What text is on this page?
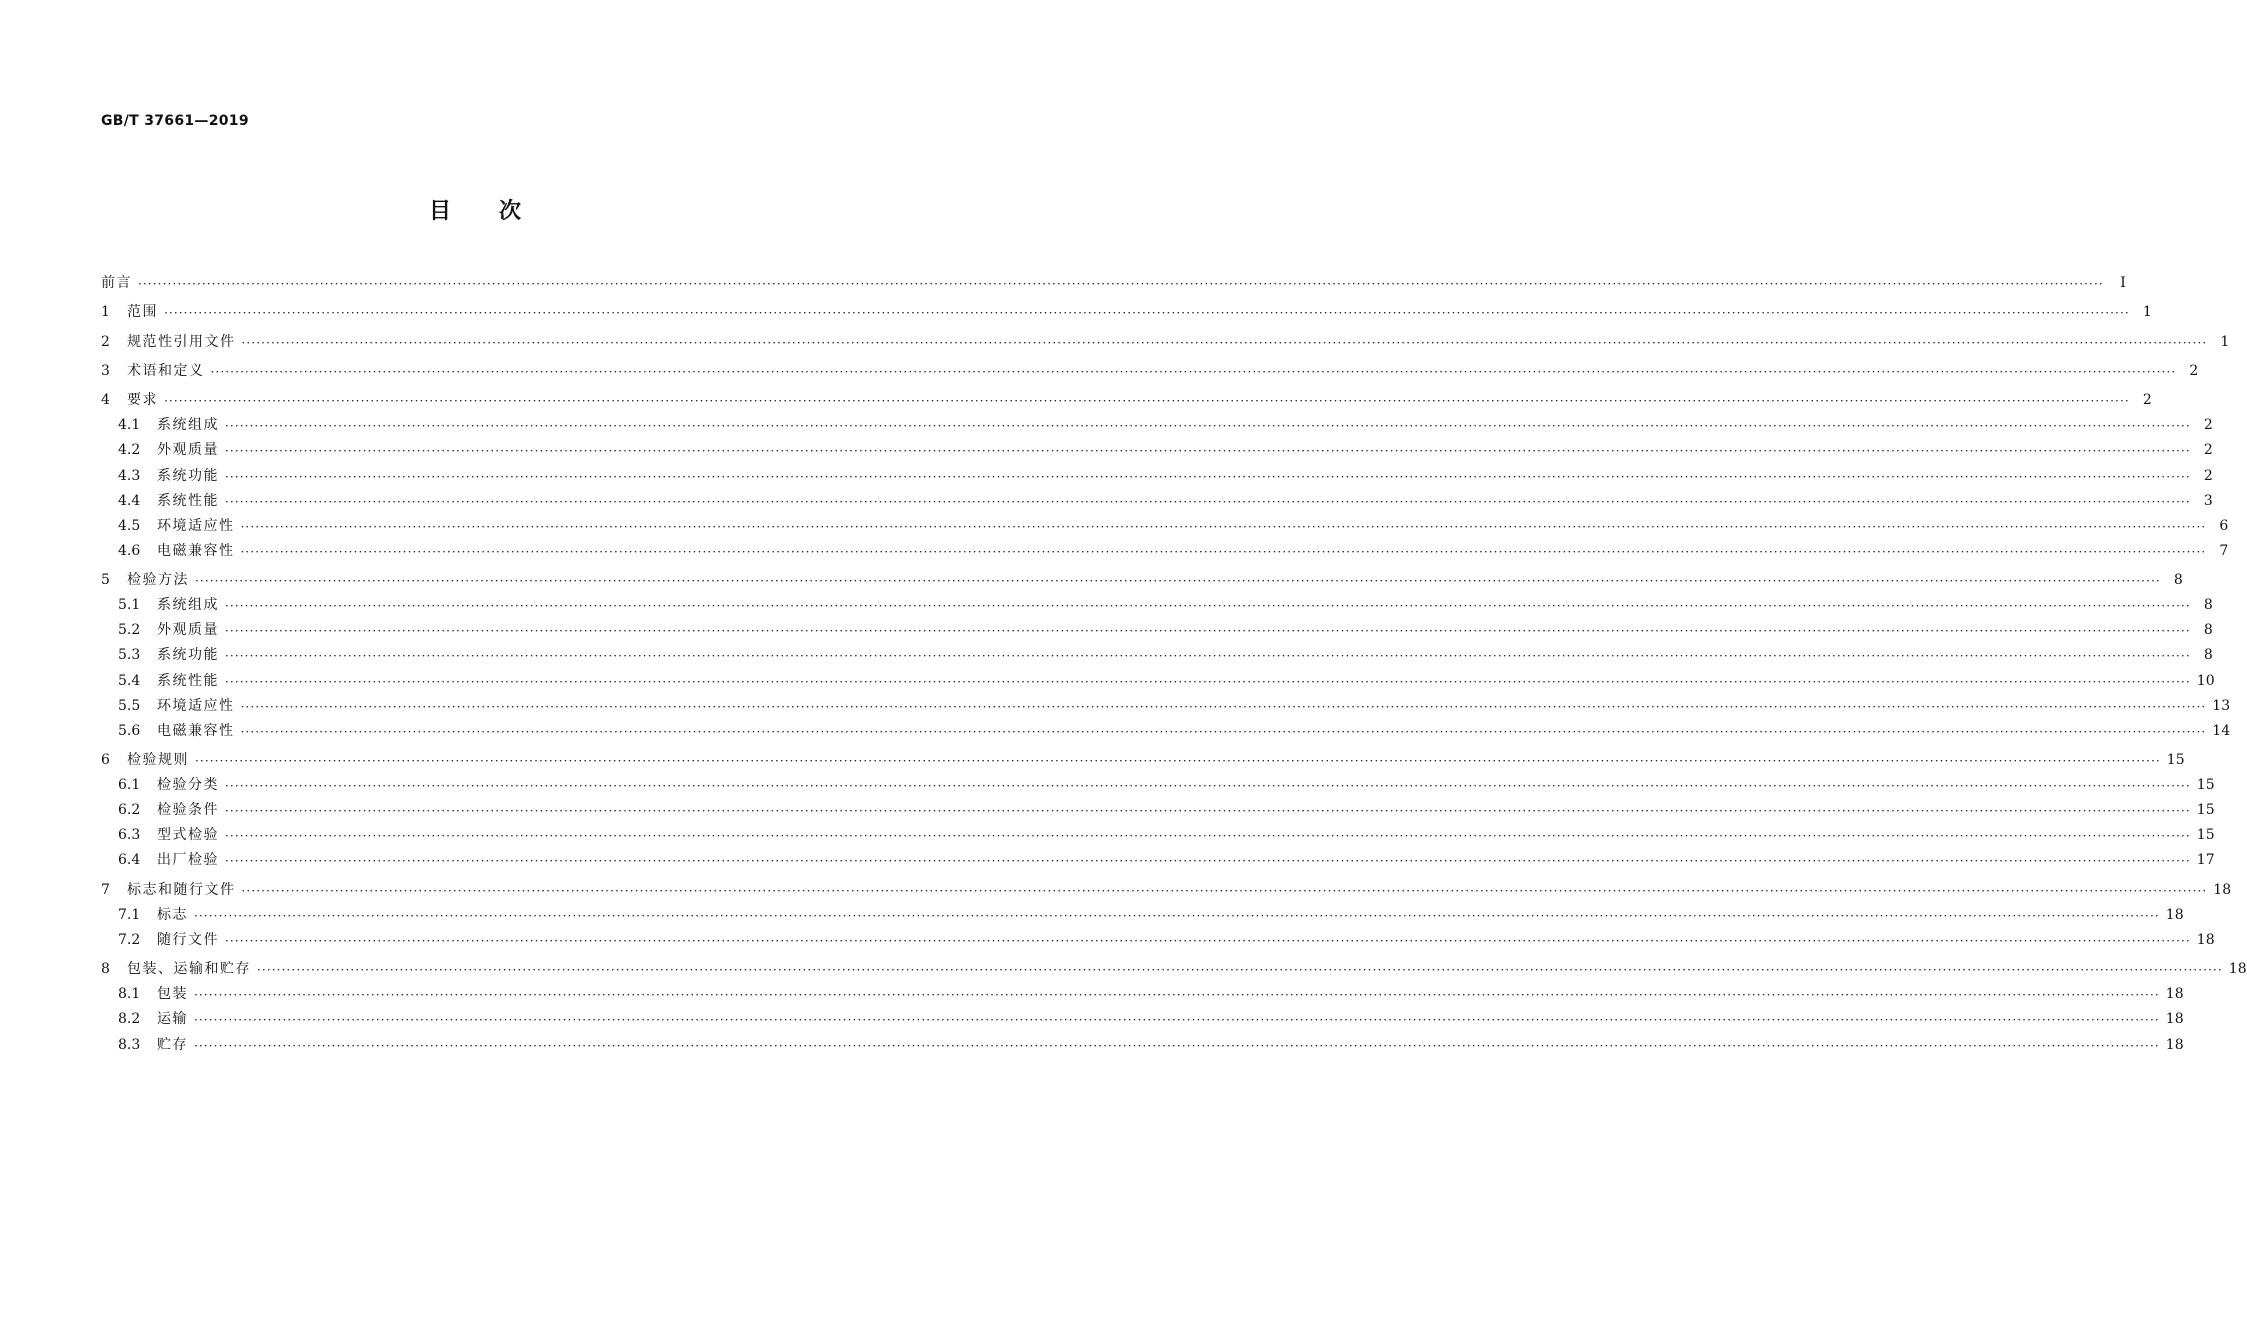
GB/T 37661—2019
目次
前言 ················································································································································································································································································································································································································	Ⅰ
1	范围 ················································································································································································································································································································································································································ 1
2	规范性引用文件 ················································································································································································································································································································································································································ 1
3	术语和定义 ················································································································································································································································································································································································································ 2
4	要求 ················································································································································································································································································································································································································ 2
4.1	系统组成 ················································································································································································································································································································································································································ 2
4.2	外观质量 ················································································································································································································································································································································································································ 2
4.3	系统功能 ················································································································································································································································································································································································································ 2
4.4	系统性能 ················································································································································································································································································································································································································ 3
4.5	环境适应性 ················································································································································································································································································································································································································ 6
4.6	电磁兼容性 ················································································································································································································································································································································································································ 7
5	检验方法 ················································································································································································································································································································································································································ 8
5.1	系统组成 ················································································································································································································································································································································································································ 8
5.2	外观质量 ················································································································································································································································································································································································································ 8
5.3	系统功能 ················································································································································································································································································································································································································ 8
5.4	系统性能 ················································································································································································································································································································································································································ 10
5.5	环境适应性 ················································································································································································································································································································································································································ 13
5.6	电磁兼容性 ················································································································································································································································································································································································································ 14
6	检验规则 ················································································································································································································································································································································································································ 15
6.1	检验分类 ················································································································································································································································································································································································································ 15
6.2	检验条件 ················································································································································································································································································································································································································ 15
6.3	型式检验 ················································································································································································································································································································································································································ 15
6.4	出厂检验 ················································································································································································································································································································································································································ 17
7	标志和随行文件 ················································································································································································································································································································································································································ 18
7.1	标志 ················································································································································································································································································································································································································ 18
7.2	随行文件 ················································································································································································································································································································································································································ 18
8	包装、运输和贮存 ················································································································································································································································································································································································································ 18
8.1	包装 ················································································································································································································································································································································································································ 18
8.2	运输 ················································································································································································································································································································································································································ 18
8.3	贮存 ················································································································································································································································································································································································································ 18
